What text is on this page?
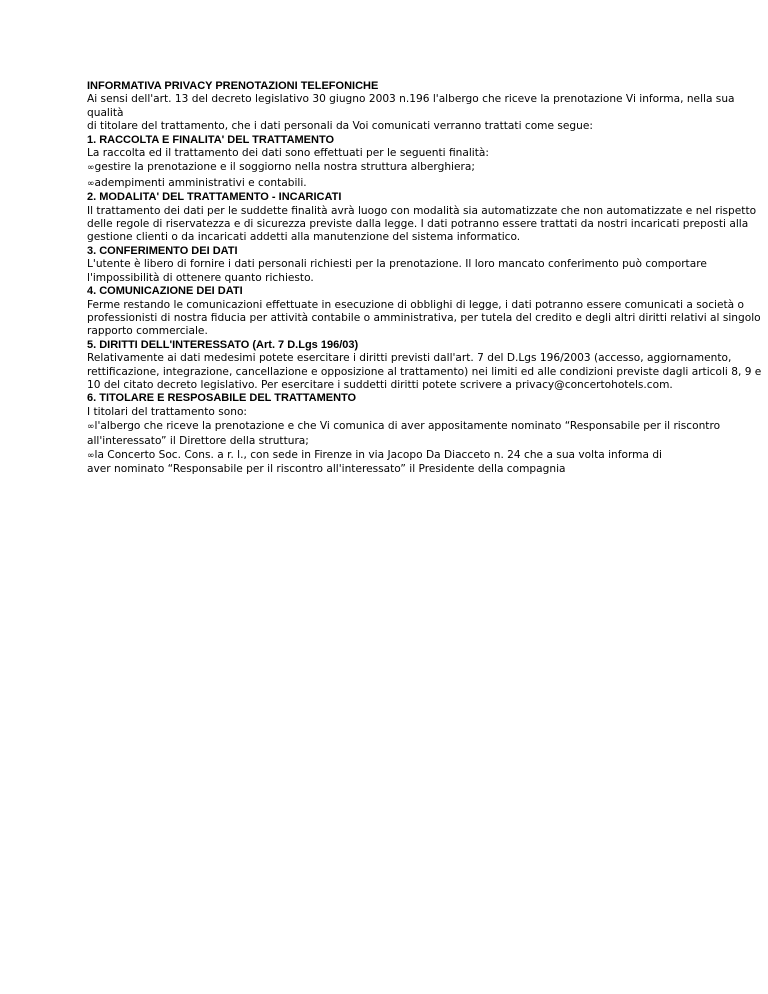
INFORMATIVA PRIVACY PRENOTAZIONI TELEFONICHE
Ai sensi dell'art. 13 del decreto legislativo 30 giugno 2003 n.196 l'albergo che riceve la prenotazione Vi informa, nella sua
qualità
di titolare del trattamento, che i dati personali da Voi comunicati verranno trattati come segue:
1. RACCOLTA E FINALITA' DEL TRATTAMENTO
La raccolta ed il trattamento dei dati sono effettuati per le seguenti finalità:
∞gestire la prenotazione e il soggiorno nella nostra struttura alberghiera;
∞adempimenti amministrativi e contabili.
2. MODALITA' DEL TRATTAMENTO - INCARICATI
Il trattamento dei dati per le suddette finalità avrà luogo con modalità sia automatizzate che non automatizzate e nel rispetto
delle regole di riservatezza e di sicurezza previste dalla legge. I dati potranno essere trattati da nostri incaricati preposti alla
gestione clienti o da incaricati addetti alla manutenzione del sistema informatico.
3. CONFERIMENTO DEI DATI
L'utente è libero di fornire i dati personali richiesti per la prenotazione. Il loro mancato conferimento può comportare
l'impossibilità di ottenere quanto richiesto.
4. COMUNICAZIONE DEI DATI
Ferme restando le comunicazioni effettuate in esecuzione di obblighi di legge, i dati potranno essere comunicati a società o
professionisti di nostra fiducia per attività contabile o amministrativa, per tutela del credito e degli altri diritti relativi al singolo
rapporto commerciale.
5. DIRITTI DELL'INTERESSATO (Art. 7 D.Lgs 196/03)
Relativamente ai dati medesimi potete esercitare i diritti previsti dall'art. 7 del D.Lgs 196/2003 (accesso, aggiornamento,
rettificazione, integrazione, cancellazione e opposizione al trattamento) nei limiti ed alle condizioni previste dagli articoli 8, 9 e
10 del citato decreto legislativo. Per esercitare i suddetti diritti potete scrivere a privacy@concertohotels.com.
6. TITOLARE E RESPOSABILE DEL TRATTAMENTO
I titolari del trattamento sono:
∞l'albergo che riceve la prenotazione e che Vi comunica di aver appositamente nominato “Responsabile per il riscontro
all'interessato” il Direttore della struttura;
∞la Concerto Soc. Cons. a r. l., con sede in Firenze in via Jacopo Da Diacceto n. 24 che a sua volta informa di
aver nominato “Responsabile per il riscontro all'interessato” il Presidente della compagnia
